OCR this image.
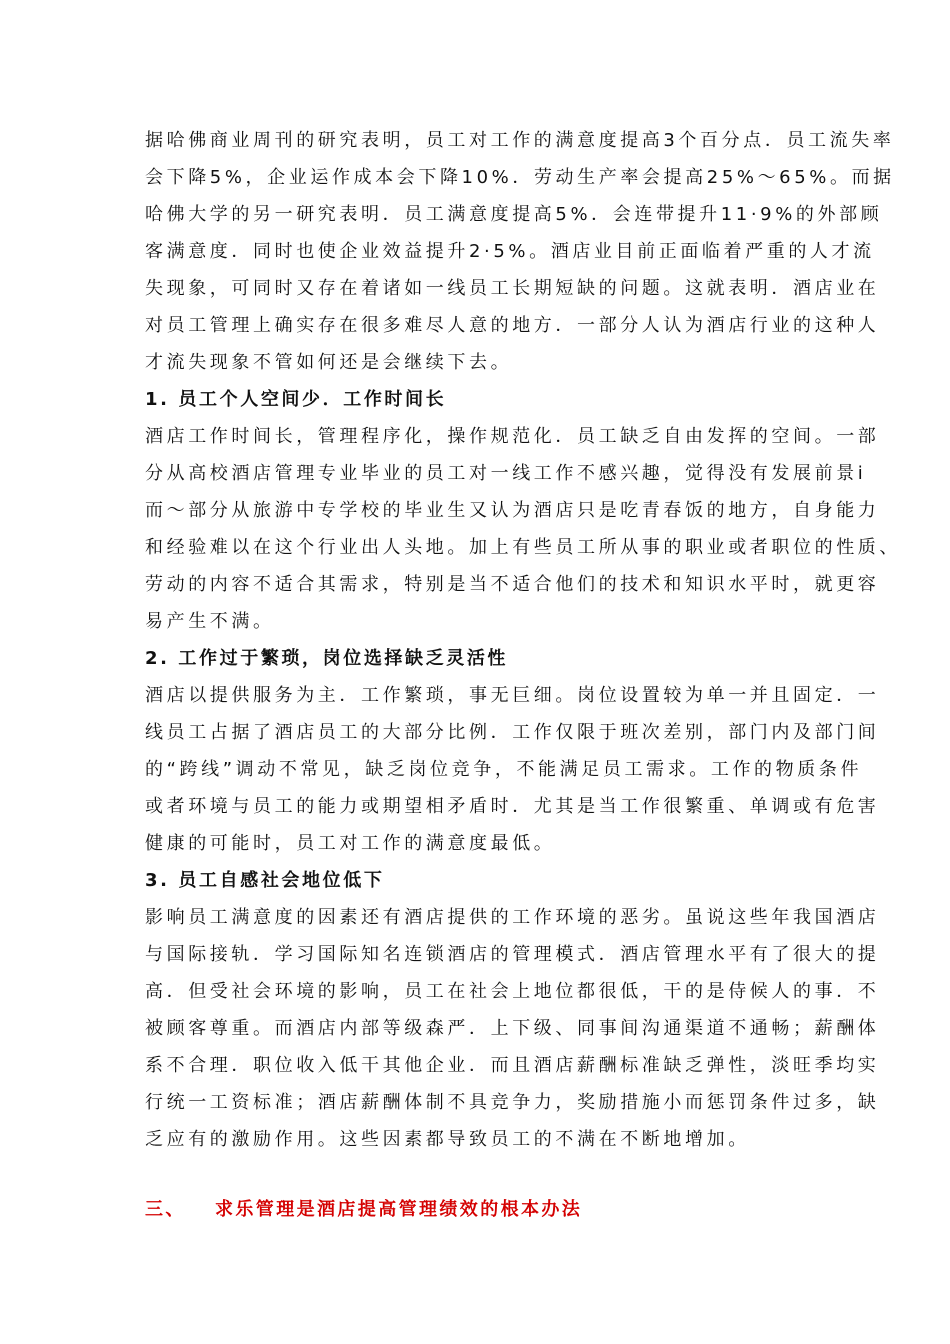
据哈佛商业周刊的研究表明，员工对工作的满意度提高3个百分点．员工流失率
会下降5%，企业运作成本会下降10%．劳动生产率会提高25%～65%。而据
哈佛大学的另一研究表明．员工满意度提高5%．会连带提升11·9%的外部顾
客满意度．同时也使企业效益提升2·5%。酒店业目前正面临着严重的人才流
失现象，可同时又存在着诸如一线员工长期短缺的问题。这就表明．酒店业在
对员工管理上确实存在很多难尽人意的地方．一部分人认为酒店行业的这种人
才流失现象不管如何还是会继续下去。
1. 员工个人空间少．工作时间长
酒店工作时间长，管理程序化，操作规范化．员工缺乏自由发挥的空间。一部
分从高校酒店管理专业毕业的员工对一线工作不感兴趣，觉得没有发展前景i
而～部分从旅游中专学校的毕业生又认为酒店只是吃青春饭的地方，自身能力
和经验难以在这个行业出人头地。加上有些员工所从事的职业或者职位的性质、
劳动的内容不适合其需求，特别是当不适合他们的技术和知识水平时，就更容
易产生不满。
2. 工作过于繁琐，岗位选择缺乏灵活性
酒店以提供服务为主．工作繁琐，事无巨细。岗位设置较为单一并且固定．一
线员工占据了酒店员工的大部分比例．工作仅限于班次差别，部门内及部门间
的“跨线”调动不常见，缺乏岗位竞争，不能满足员工需求。工作的物质条件
或者环境与员工的能力或期望相矛盾时．尤其是当工作很繁重、单调或有危害
健康的可能时，员工对工作的满意度最低。
3. 员工自感社会地位低下
影响员工满意度的因素还有酒店提供的工作环境的恶劣。虽说这些年我国酒店
与国际接轨．学习国际知名连锁酒店的管理模式．酒店管理水平有了很大的提
高．但受社会环境的影响，员工在社会上地位都很低，干的是侍候人的事．不
被顾客尊重。而酒店内部等级森严．上下级、同事间沟通渠道不通畅；薪酬体
系不合理．职位收入低干其他企业．而且酒店薪酬标准缺乏弹性，淡旺季均实
行统一工资标准；酒店薪酬体制不具竞争力，奖励措施小而惩罚条件过多，缺
乏应有的激励作用。这些因素都导致员工的不满在不断地增加。
三、 求乐管理是酒店提高管理绩效的根本办法
